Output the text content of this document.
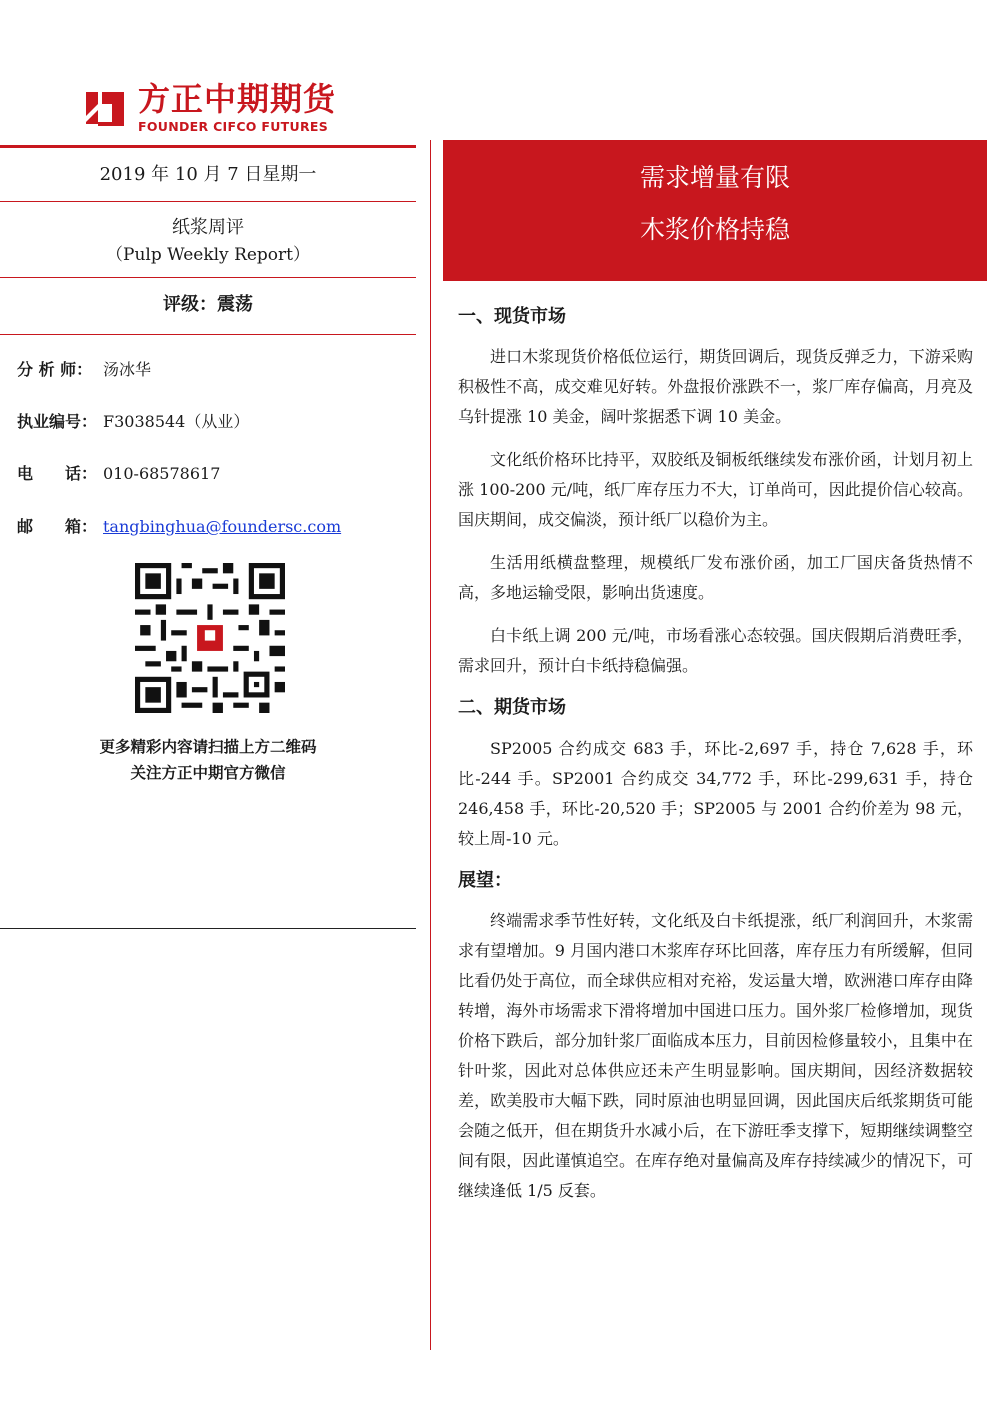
方正中期期货
FOUNDER CIFCO FUTURES
2019 年 10 月 7 日星期一
纸浆周评
（Pulp Weekly Report）
评级：震荡
分 析 师： 汤冰华
执业编号： F3038544（从业）
电　　话： 010-68578617
邮　　箱： tangbinghua@foundersc.com
更多精彩内容请扫描上方二维码
关注方正中期官方微信
需求增量有限
木浆价格持稳
一、现货市场
进口木浆现货价格低位运行，期货回调后，现货反弹乏力，下游采购积极性不高，成交难见好转。外盘报价涨跌不一，浆厂库存偏高，月亮及乌针提涨 10 美金，阔叶浆据悉下调 10 美金。
文化纸价格环比持平，双胶纸及铜板纸继续发布涨价函，计划月初上涨 100-200 元/吨，纸厂库存压力不大，订单尚可，因此提价信心较高。国庆期间，成交偏淡，预计纸厂以稳价为主。
生活用纸横盘整理，规模纸厂发布涨价函，加工厂国庆备货热情不高，多地运输受限，影响出货速度。
白卡纸上调 200 元/吨，市场看涨心态较强。国庆假期后消费旺季，需求回升，预计白卡纸持稳偏强。
二、期货市场
SP2005 合约成交 683 手，环比-2,697 手，持仓 7,628 手，环比-244 手。SP2001 合约成交 34,772 手，环比-299,631 手，持仓 246,458 手，环比-20,520 手；SP2005 与 2001 合约价差为 98 元，较上周-10 元。
展望：
终端需求季节性好转，文化纸及白卡纸提涨，纸厂利润回升，木浆需求有望增加。9 月国内港口木浆库存环比回落，库存压力有所缓解，但同比看仍处于高位，而全球供应相对充裕，发运量大增，欧洲港口库存由降转增，海外市场需求下滑将增加中国进口压力。国外浆厂检修增加，现货价格下跌后，部分加针浆厂面临成本压力，目前因检修量较小，且集中在针叶浆，因此对总体供应还未产生明显影响。国庆期间，因经济数据较差，欧美股市大幅下跌，同时原油也明显回调，因此国庆后纸浆期货可能会随之低开，但在期货升水减小后，在下游旺季支撑下，短期继续调整空间有限，因此谨慎追空。在库存绝对量偏高及库存持续减少的情况下，可继续逢低 1/5 反套。
